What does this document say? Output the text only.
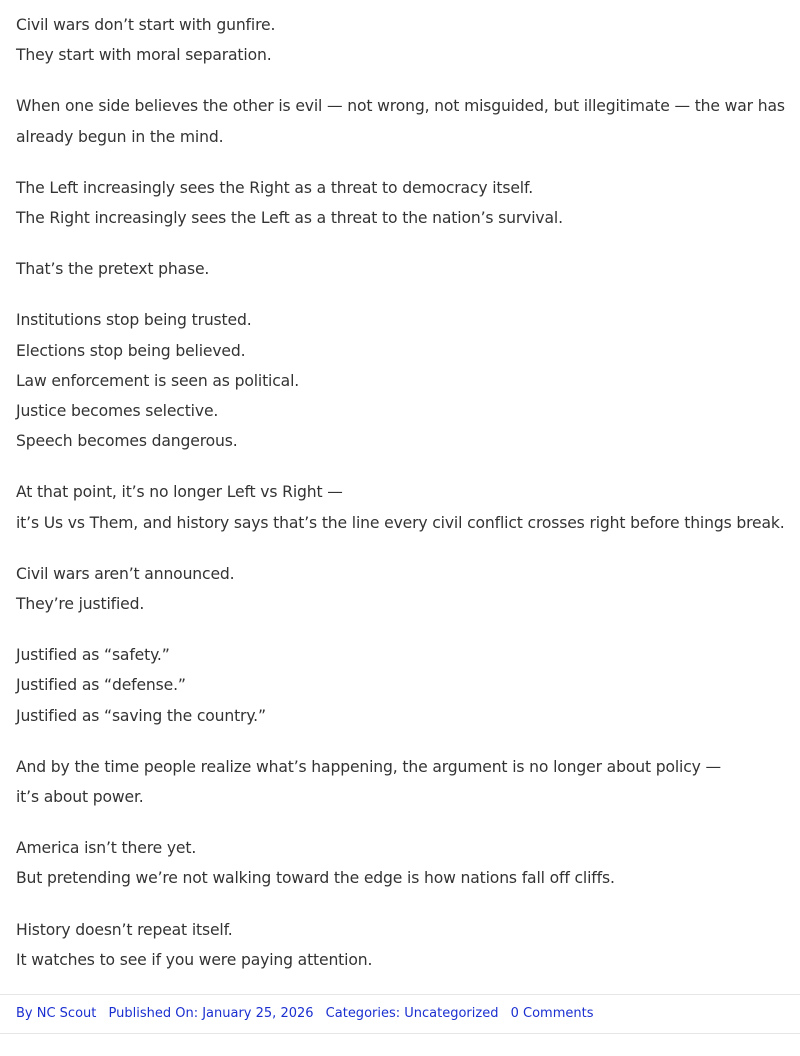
Civil wars don’t start with gunfire.
They start with moral separation.

When one side believes the other is evil — not wrong, not misguided, but illegitimate — the war has
already begun in the mind.

The Left increasingly sees the Right as a threat to democracy itself.
The Right increasingly sees the Left as a threat to the nation’s survival.

That’s the pretext phase.

Institutions stop being trusted.
Elections stop being believed.
Law enforcement is seen as political.
Justice becomes selective.
Speech becomes dangerous.

At that point, it’s no longer Left vs Right —
it’s Us vs Them, and history says that’s the line every civil conflict crosses right before things break.

Civil wars aren’t announced.
They’re justified.

Justified as “safety.”
Justified as “defense.”
Justified as “saving the country.”

And by the time people realize what’s happening, the argument is no longer about policy —
it’s about power.

America isn’t there yet.
But pretending we’re not walking toward the edge is how nations fall off cliffs.

History doesn’t repeat itself.
It watches to see if you were paying attention.

By NC Scout Published On: January 25, 2026 Categories: Uncategorized 0 Comments
